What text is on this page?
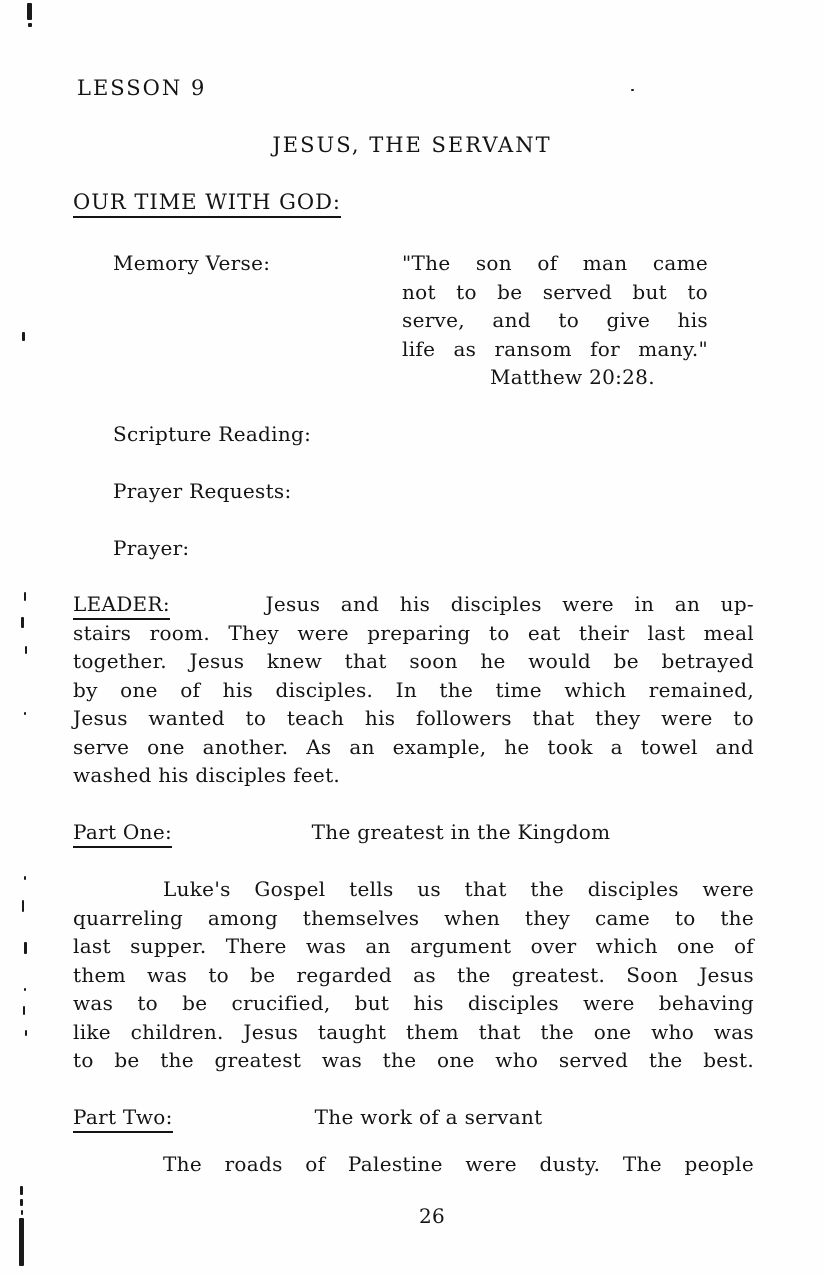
LESSON 9
JESUS, THE SERVANT
OUR TIME WITH GOD:
Memory Verse:	"The son of man came
not to be served but to
serve, and to give his
life as ransom for many."
Matthew 20:28.
Scripture Reading:
Prayer Requests:
Prayer:
LEADER:	Jesus and his disciples were in an up-
stairs room. They were preparing to eat their last meal
together. Jesus knew that soon he would be betrayed
by one of his disciples. In the time which remained,
Jesus wanted to teach his followers that they were to
serve one another. As an example, he took a towel and
washed his disciples feet.
Part One:	The greatest in the Kingdom
Luke's Gospel tells us that the disciples were
quarreling among themselves when they came to the
last supper. There was an argument over which one of
them was to be regarded as the greatest. Soon Jesus
was to be crucified, but his disciples were behaving
like children. Jesus taught them that the one who was
to be the greatest was the one who served the best.
Part Two:	The work of a servant
The roads of Palestine were dusty. The people
26
